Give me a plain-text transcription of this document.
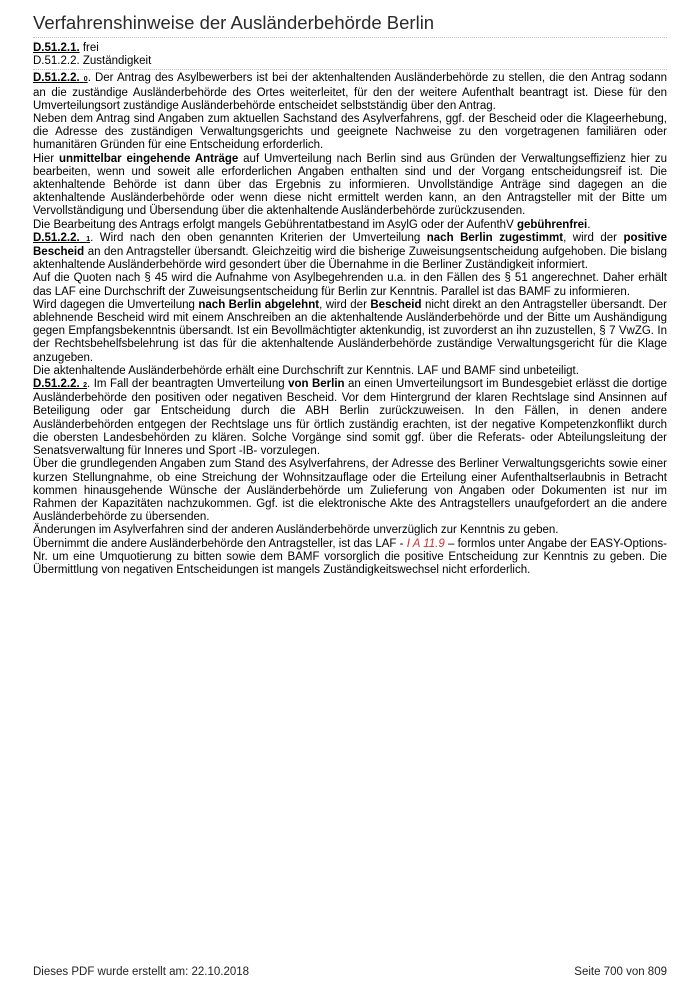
Verfahrenshinweise der Ausländerbehörde Berlin

D.51.2.1. frei

D.51.2.2. Zuständigkeit

D.51.2.2. 0. Der Antrag des Asylbewerbers ist bei der aktenhaltenden Ausländerbehörde zu stellen, die den Antrag sodann an die zuständige Ausländerbehörde des Ortes weiterleitet, für den der weitere Aufenthalt beantragt ist. Diese für den Umverteilungsort zuständige Ausländerbehörde entscheidet selbstständig über den Antrag.

Neben dem Antrag sind Angaben zum aktuellen Sachstand des Asylverfahrens, ggf. der Bescheid oder die Klageerhebung, die Adresse des zuständigen Verwaltungsgerichts und geeignete Nachweise zu den vorgetragenen familiären oder humanitären Gründen für eine Entscheidung erforderlich.

Hier unmittelbar eingehende Anträge auf Umverteilung nach Berlin sind aus Gründen der Verwaltungseffizienz hier zu bearbeiten, wenn und soweit alle erforderlichen Angaben enthalten sind und der Vorgang entscheidungsreif ist. Die aktenhaltende Behörde ist dann über das Ergebnis zu informieren. Unvollständige Anträge sind dagegen an die aktenhaltende Ausländerbehörde oder wenn diese nicht ermittelt werden kann, an den Antragsteller mit der Bitte um Vervollständigung und Übersendung über die aktenhaltende Ausländerbehörde zurückzusenden.

Die Bearbeitung des Antrags erfolgt mangels Gebührentatbestand im AsylG oder der AufenthV gebührenfrei.

D.51.2.2. 1. Wird nach den oben genannten Kriterien der Umverteilung nach Berlin zugestimmt, wird der positive Bescheid an den Antragsteller übersandt. Gleichzeitig wird die bisherige Zuweisungsentscheidung aufgehoben. Die bislang aktenhaltende Ausländerbehörde wird gesondert über die Übernahme in die Berliner Zuständigkeit informiert.

Auf die Quoten nach § 45 wird die Aufnahme von Asylbegehrenden u.a. in den Fällen des § 51 angerechnet. Daher erhält das LAF eine Durchschrift der Zuweisungsentscheidung für Berlin zur Kenntnis. Parallel ist das BAMF zu informieren.

Wird dagegen die Umverteilung nach Berlin abgelehnt, wird der Bescheid nicht direkt an den Antragsteller übersandt. Der ablehnende Bescheid wird mit einem Anschreiben an die aktenhaltende Ausländerbehörde und der Bitte um Aushändigung gegen Empfangsbekenntnis übersandt. Ist ein Bevollmächtigter aktenkundig, ist zuvorderst an ihn zuzustellen, § 7 VwZG. In der Rechtsbehelfsbelehrung ist das für die aktenhaltende Ausländerbehörde zuständige Verwaltungsgericht für die Klage anzugeben.

Die aktenhaltende Ausländerbehörde erhält eine Durchschrift zur Kenntnis. LAF und BAMF sind unbeteiligt.

D.51.2.2. 2. Im Fall der beantragten Umverteilung von Berlin an einen Umverteilungsort im Bundesgebiet erlässt die dortige Ausländerbehörde den positiven oder negativen Bescheid. Vor dem Hintergrund der klaren Rechtslage sind Ansinnen auf Beteiligung oder gar Entscheidung durch die ABH Berlin zurückzuweisen. In den Fällen, in denen andere Ausländerbehörden entgegen der Rechtslage uns für örtlich zuständig erachten, ist der negative Kompetenzkonflikt durch die obersten Landesbehörden zu klären. Solche Vorgänge sind somit ggf. über die Referats- oder Abteilungsleitung der Senatsverwaltung für Inneres und Sport -IB- vorzulegen.

Über die grundlegenden Angaben zum Stand des Asylverfahrens, der Adresse des Berliner Verwaltungsgerichts sowie einer kurzen Stellungnahme, ob eine Streichung der Wohnsitzauflage oder die Erteilung einer Aufenthaltserlaubnis in Betracht kommen hinausgehende Wünsche der Ausländerbehörde um Zulieferung von Angaben oder Dokumenten ist nur im Rahmen der Kapazitäten nachzukommen. Ggf. ist die elektronische Akte des Antragstellers unaufgefordert an die andere Ausländerbehörde zu übersenden.

Änderungen im Asylverfahren sind der anderen Ausländerbehörde unverzüglich zur Kenntnis zu geben.

Übernimmt die andere Ausländerbehörde den Antragsteller, ist das LAF - I A 11.9 – formlos unter Angabe der EASY-Options-Nr. um eine Umquotierung zu bitten sowie dem BAMF vorsorglich die positive Entscheidung zur Kenntnis zu geben. Die Übermittlung von negativen Entscheidungen ist mangels Zuständigkeitswechsel nicht erforderlich.

Dieses PDF wurde erstellt am: 22.10.2018	Seite 700 von 809
